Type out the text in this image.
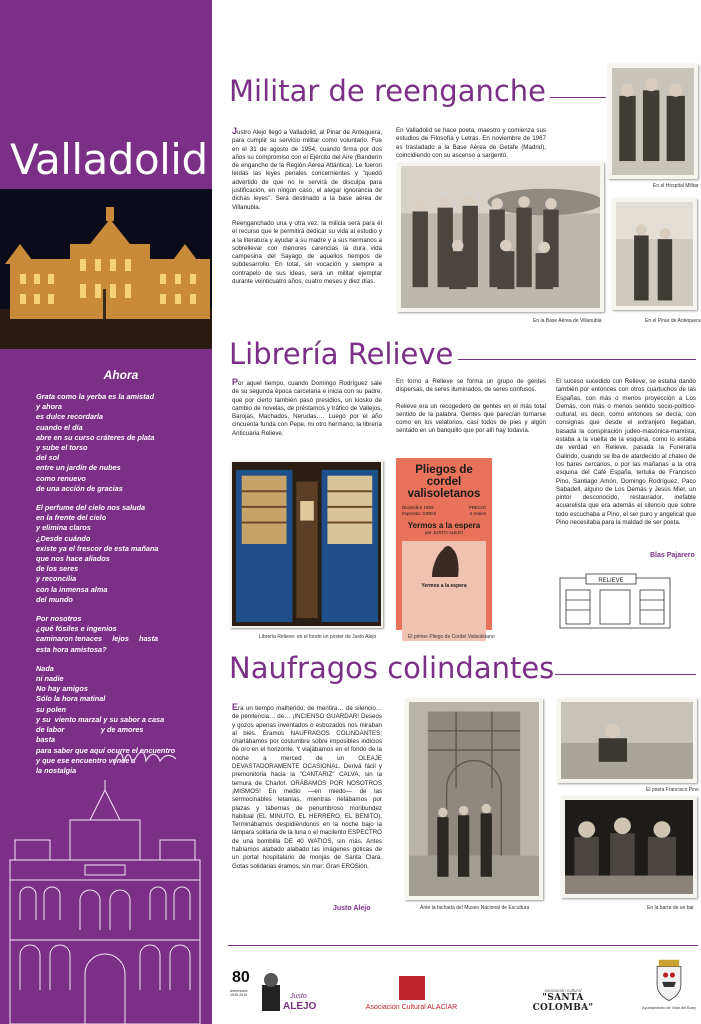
Valladolid
Ahora
Grata como la yerba es la amistad
y ahora
es dulce recordarla
cuando el día
abre en su curso cráteres de plata
y sube el torso
del sol
entre un jardín de nubes
como renuevo
de una acción de gracias
El perfume del cielo nos saluda
en la frente del cielo
y elimina claros
¿Desde cuándo
existe ya el frescor de esta mañana
que nos hace aliados
de los seres
y reconcilia
con la inmensa alma
del mundo
Por nosotros
¿qué fósiles e ingenios
caminaron tenaces     lejos     hasta
esta hora amistosa?
Nada
ni nadie
No hay amigos
Sólo la hora matinal
su polen
y su  viento marzal y su sabor a casa
de labor                  y de amores
basta
para saber que aquí ocurre el encuentro
y que ese encuentro vence a
la nostalgia
Militar de reenganche

Justro Alejo llegó a Valladolid, al Pinar de Antequera, para cumplir su servicio militar como voluntario. Fue en el 31 de agosto de 1954, cuando firma por dos años su compromiso con el Ejército del Aire (Banderín de enganche de la Región Aérea Atlántica). Le fueron leídas las leyes penales concernientes y "quedó advertido de que no le servirá de disculpa para justificación, en ningún caso, el alegar ignorancia de dichas leyes". Será destinado a la base aérea de Villanubla.

Reenganchado una y otra vez, la milicia será para él el recurso que le permitirá dedicar su vida al estudio y a la literatura y ayudar a su madre y a sus hermanos a sobrellevar con menores carencias la dura vida campesina del Sayago de aquellos tiempos de subdesarrollo. En total, sin vocación y siempre a contrapelo de sus ideas, será un militar ejemplar durante veinticuatro años, cuatro meses y diez días.

En Valladolid se hace poeta, maestro y comienza sus estudios de Filosofía y Letras. En noviembre de 1967 es trasladado a la Base Aérea de Getafe (Madrid), coincidiendo con su ascenso a sargento.

En el Hospital Militar
En la Base Aérea de Villanubla	En el Pinar de Antequera
Librería Relieve

Por aquel tiempo, cuando Domingo Rodríguez sale de su segunda época carcelaria e inicia con su padre, que por cierto también pasó presidios, un kiosko de cambio de novelas, de préstamos y tráfico de Vallejos, Barojas, Machados, Nerudas…. Luego por el año cincuenta funda con Pepe, mi otro hermano, la librería Anticuaria Relieve.

En torno a Relieve se forma un grupo de gentes dispersas, de seres iluminados, de seres confusos.

Relieve era un recogedero de gentes en el más total sentido de la palabra. Gentes que parecían turnarse como en los velatorios, casi todos de pies y algún sentado en un banquillo que por allí hay todavía.

El suceso sucedido con Relieve, se estaba dando también por entonces con otros cuartuchos de las Españas, con más o menos proyección a Los Demás, con más o menos sentido socio-político-cultural, es decir, como entonces se decía, con consignas que desde el extranjero llegaban, basada la conspiración judeo-masónica-marxista, estaba a la vuelta de la esquina, como lo estaba de verdad en Relieve, pasada la Funeraria Galindo, cuando se iba de atardecido al chateo de los bares cercanos, o por las mañanas a la otra esquina del Café España, tertulia de Francisco Pino, Santiago Amón, Domingo Rodríguez, Paco Sabadell, alguno de Los Demás y Jesús Mier, un pintor desconocido, restaurador, inefable acuarelista que era además el silencio que sobre todo escuchaba a Pino, el ser puro y angelical que Pino necesitaba para la maldad de ser poeta.

Blas Pajarero
Pliegos de cordel valisoletanos
Diciembre 1959
Imprenta: GIRES
PRECIO
6 reales
Yermos a la espera
por JUSTO ALEJO
Yermos a la espera
RELIEVE
Librería Relieve: en el fondo un poster de Justo Alejo	El primer Pliego de Cordel Valisoletano
Naufragos colindantes

Era un tiempo malherido; de mentira… de silencio… de penitencia… de… ¡INCIENSO GUARDAR! Deseos y gozos apenas inventados o esbozados nos miraban al biés. Éramos NAUFRAGOS COLINDANTES; charlábamos por costumbre sobre imposibles indicios de oro en el horizonte. Y viajábamos en el fondo de la noche a merced de un OLEAJE DEVASTADORAMENTE OCASIONAL. Derivá fácil y premonitoria hacia la "CANTARIZ" CALVA, sin la ternura de Charlot. ORÁBAMOS POR NOSOTROS ¡MISMOS! En medio —en miedo— de las sermocinables letanías, mientras rielábamos por plazas y tabernas de penumbroso moribundez habitual (EL MINUTO, EL HERRERO, EL BENITO). Terminábamos despidiéndonos en la noche bajo la lámpara solitaria de la luna o el macilento ESPECTRO de una bombilla DE 40 WATIOS, sin más. Antes habíamos alabado alabado las imágenes góticas de un portal hospitalario de monjas de Santa Clara. Gotas solidarias éramos, sin mar: Gran EROSión.

Justo Alejo	Ante la fachada del Museo Nacional de Escultura
El poeta Francisco Pino
En la barra de un bar
80
aniversario
1935-2015	Justo
ALEJO	Asociación Cultural ALACIAR
asociación cultural
"SANTA COLOMBA"	Ayuntamiento de Villar del Buey
